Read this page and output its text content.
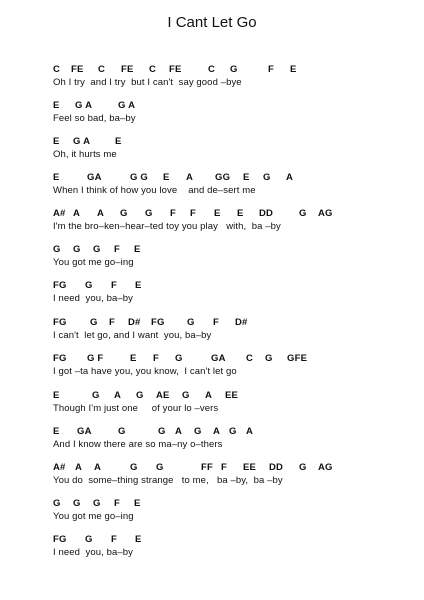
I Cant Let Go
C FE C FE C FE	C G	F E
Oh I try  and I try  but I can't  say good –bye
E G A	G A
Feel so bad, ba–by
E G A	E
Oh, it hurts me
E	GA	G G E A GG E G A
When I think of how you love    and de–sert me
A# A A G G F F E E DD	G AG
I'm the bro–ken–hear–ted toy you play   with,  ba –by
G G G F E
You got me go–ing
FG G F E
I need  you, ba–by
FG G F D# FG G F D#
I can't  let go, and I want  you, ba–by
FG G F	E F G	GA C G GFE
I got –ta have you, you know,  I can't let go
E	G A G AE G A EE
Though I'm just one     of your lo –vers
E GA	G	G A G A G A
And I know there are so ma–ny o–thers
A# A A	G G	FF F EE DD G AG
You do  some–thing strange   to me,   ba –by,  ba –by
G G G F E
You got me go–ing
FG G F E
I need  you, ba–by
